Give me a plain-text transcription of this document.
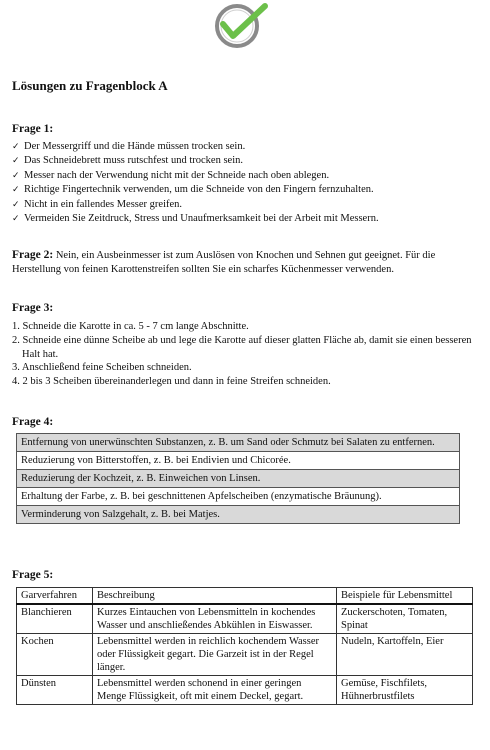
Lösungen zu Fragenblock A
Frage 1:
✓ Der Messergriff und die Hände müssen trocken sein.
✓ Das Schneidebrett muss rutschfest und trocken sein.
✓ Messer nach der Verwendung nicht mit der Schneide nach oben ablegen.
✓ Richtige Fingertechnik verwenden, um die Schneide von den Fingern fernzuhalten.
✓ Nicht in ein fallendes Messer greifen.
✓ Vermeiden Sie Zeitdruck, Stress und Unaufmerksamkeit bei der Arbeit mit Messern.
Frage 2: Nein, ein Ausbeinmesser ist zum Auslösen von Knochen und Sehnen gut geeignet. Für die Herstellung von feinen Karottenstreifen sollten Sie ein scharfes Küchenmesser verwenden.
Frage 3:
1. Schneide die Karotte in ca. 5 - 7 cm lange Abschnitte.
2. Schneide eine dünne Scheibe ab und lege die Karotte auf dieser glatten Fläche ab, damit sie einen besseren Halt hat.
3. Anschließend feine Scheiben schneiden.
4. 2 bis 3 Scheiben übereinanderlegen und dann in feine Streifen schneiden.
Frage 4:
Entfernung von unerwünschten Substanzen, z. B. um Sand oder Schmutz bei Salaten zu entfernen.
Reduzierung von Bitterstoffen, z. B. bei Endivien und Chicorée.
Reduzierung der Kochzeit, z. B. Einweichen von Linsen.
Erhaltung der Farbe, z. B. bei geschnittenen Apfelscheiben (enzymatische Bräunung).
Verminderung von Salzgehalt, z. B. bei Matjes.
Frage 5:
Garverfahren	Beschreibung	Beispiele für Lebensmittel
Blanchieren	Kurzes Eintauchen von Lebensmitteln in kochendes Wasser und anschließendes Abkühlen in Eiswasser.	Zuckerschoten, Tomaten, Spinat
Kochen	Lebensmittel werden in reichlich kochendem Wasser oder Flüssigkeit gegart. Die Garzeit ist in der Regel länger.	Nudeln, Kartoffeln, Eier
Dünsten	Lebensmittel werden schonend in einer geringen Menge Flüssigkeit, oft mit einem Deckel, gegart.	Gemüse, Fischfilets, Hühnerbrustfilets
